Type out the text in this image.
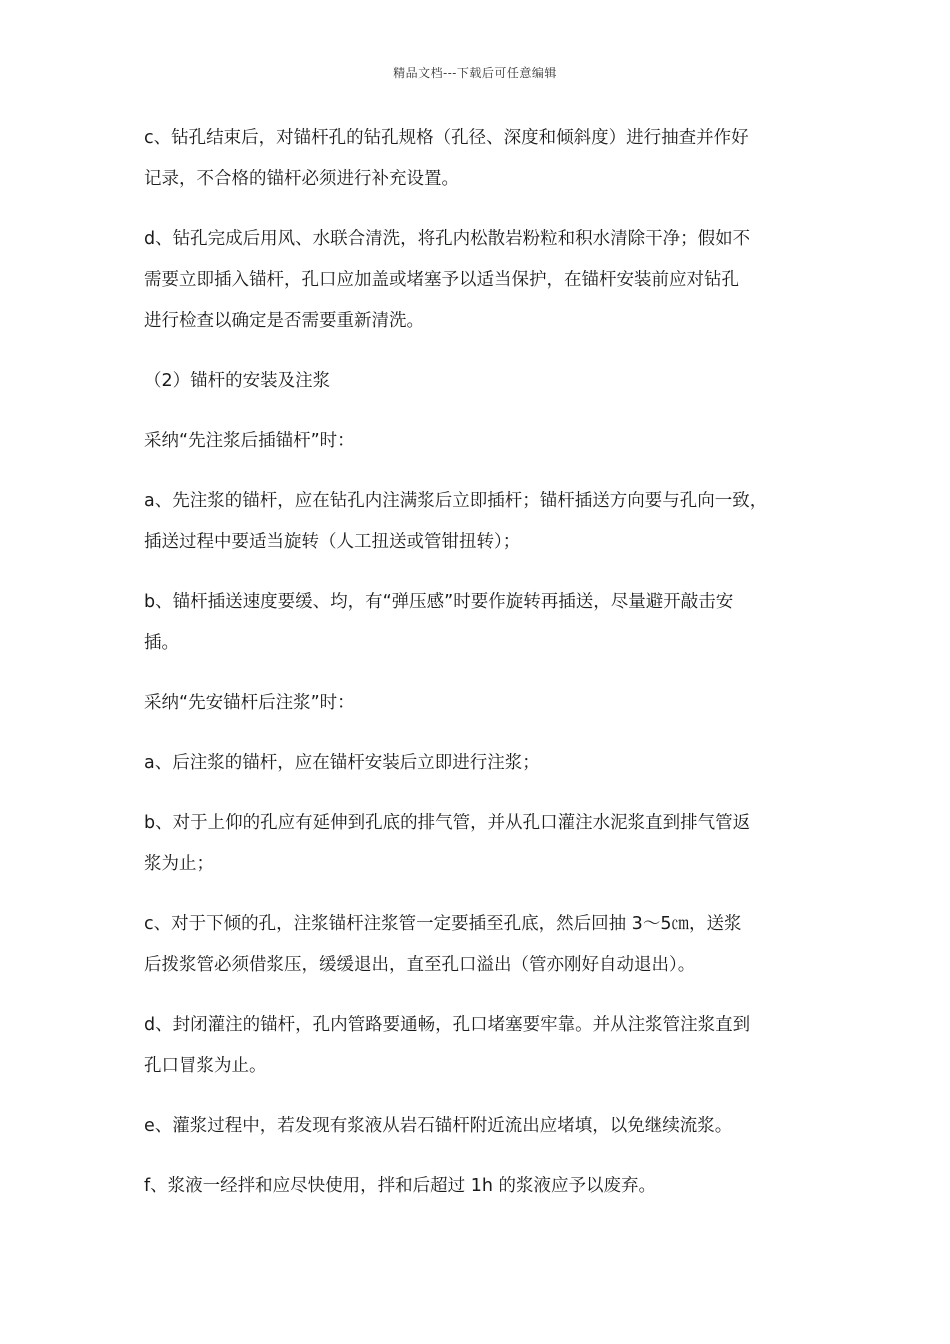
精品文档---下载后可任意编辑

c、钻孔结束后，对锚杆孔的钻孔规格（孔径、深度和倾斜度）进行抽查并作好
记录，不合格的锚杆必须进行补充设置。

d、钻孔完成后用风、水联合清洗，将孔内松散岩粉粒和积水清除干净；假如不
需要立即插入锚杆，孔口应加盖或堵塞予以适当保护，在锚杆安装前应对钻孔
进行检查以确定是否需要重新清洗。

（2）锚杆的安装及注浆

采纳“先注浆后插锚杆”时：

a、先注浆的锚杆，应在钻孔内注满浆后立即插杆；锚杆插送方向要与孔向一致，
插送过程中要适当旋转（人工扭送或管钳扭转）；

b、锚杆插送速度要缓、均，有“弹压感”时要作旋转再插送，尽量避开敲击安
插。

采纳“先安锚杆后注浆”时：

a、后注浆的锚杆，应在锚杆安装后立即进行注浆；

b、对于上仰的孔应有延伸到孔底的排气管，并从孔口灌注水泥浆直到排气管返
浆为止；

c、对于下倾的孔，注浆锚杆注浆管一定要插至孔底，然后回抽 3～5㎝，送浆
后拨浆管必须借浆压，缓缓退出，直至孔口溢出（管亦刚好自动退出）。

d、封闭灌注的锚杆，孔内管路要通畅，孔口堵塞要牢靠。并从注浆管注浆直到
孔口冒浆为止。

e、灌浆过程中，若发现有浆液从岩石锚杆附近流出应堵填，以免继续流浆。

f、浆液一经拌和应尽快使用，拌和后超过 1h 的浆液应予以废弃。
